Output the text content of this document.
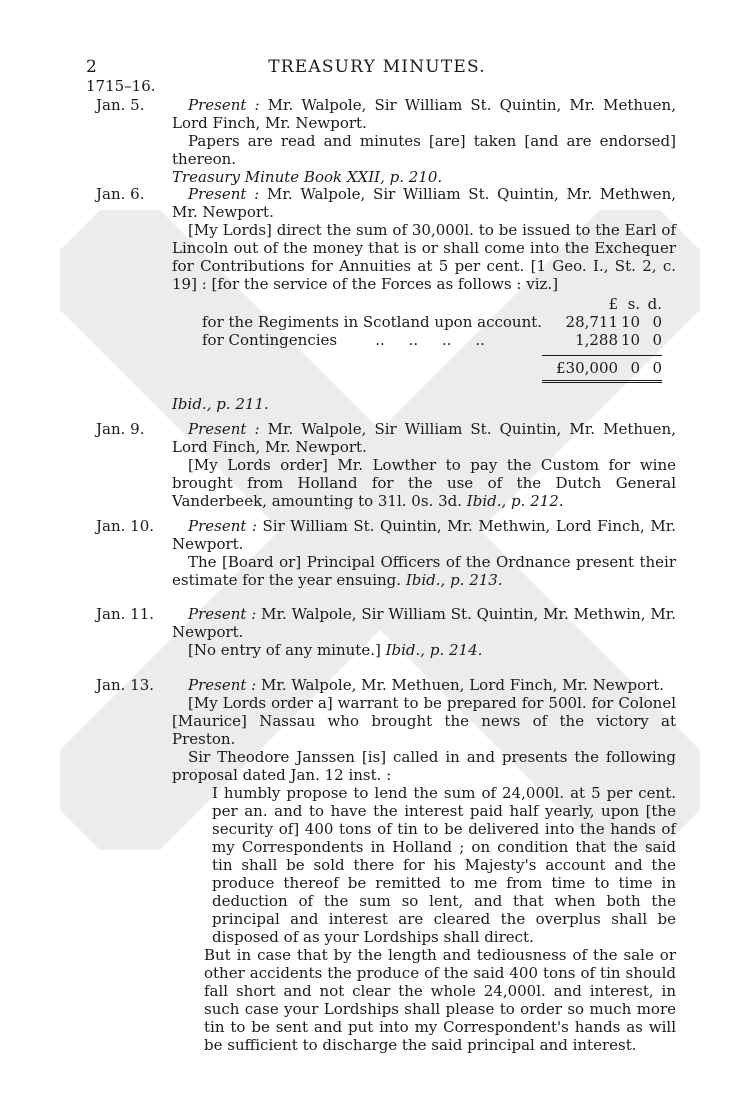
2	TREASURY MINUTES.
1715–16.
Jan. 5.	Present : Mr. Walpole, Sir William St. Quintin, Mr. Methuen, Lord Finch, Mr. Newport.

Papers are read and minutes [are] taken [and are endorsed] thereon.

Treasury Minute Book XXII, p. 210.

Jan. 6.	Present : Mr. Walpole, Sir William St. Quintin, Mr. Methwen, Mr. Newport.

[My Lords] direct the sum of 30,000l. to be issued to the Earl of Lincoln out of the money that is or shall come into the Exchequer for Contributions for Annuities at 5 per cent. [1 Geo. I., St. 2, c. 19] : [for the service of the Forces as follows : viz.]

	£	s.	d.
for the Regiments in Scotland upon account.	28,711	10	0
for Contingencies        ..     ..     ..     ..	1,288	10	0

	£30,000	0	0

Ibid., p. 211.

Jan. 9.	Present : Mr. Walpole, Sir William St. Quintin, Mr. Methuen, Lord Finch, Mr. Newport.

[My Lords order] Mr. Lowther to pay the Custom for wine brought from Holland for the use of the Dutch General Vanderbeek, amounting to 31l. 0s. 3d. Ibid., p. 212.

Jan. 10.	Present : Sir William St. Quintin, Mr. Methwin, Lord Finch, Mr. Newport.

The [Board or] Principal Officers of the Ordnance present their estimate for the year ensuing. Ibid., p. 213.

Jan. 11.	Present : Mr. Walpole, Sir William St. Quintin, Mr. Methwin, Mr. Newport.

[No entry of any minute.] Ibid., p. 214.

Jan. 13.	Present : Mr. Walpole, Mr. Methuen, Lord Finch, Mr. Newport.

[My Lords order a] warrant to be prepared for 500l. for Colonel [Maurice] Nassau who brought the news of the victory at Preston.

Sir Theodore Janssen [is] called in and presents the following proposal dated Jan. 12 inst. :

I humbly propose to lend the sum of 24,000l. at 5 per cent. per an. and to have the interest paid half yearly, upon [the security of] 400 tons of tin to be delivered into the hands of my Correspondents in Holland ; on condition that the said tin shall be sold there for his Majesty's account and the produce thereof be remitted to me from time to time in deduction of the sum so lent, and that when both the principal and interest are cleared the overplus shall be disposed of as your Lordships shall direct.

But in case that by the length and tediousness of the sale or other accidents the produce of the said 400 tons of tin should fall short and not clear the whole 24,000l. and interest, in such case your Lordships shall please to order so much more tin to be sent and put into my Correspondent's hands as will be sufficient to discharge the said principal and interest.
